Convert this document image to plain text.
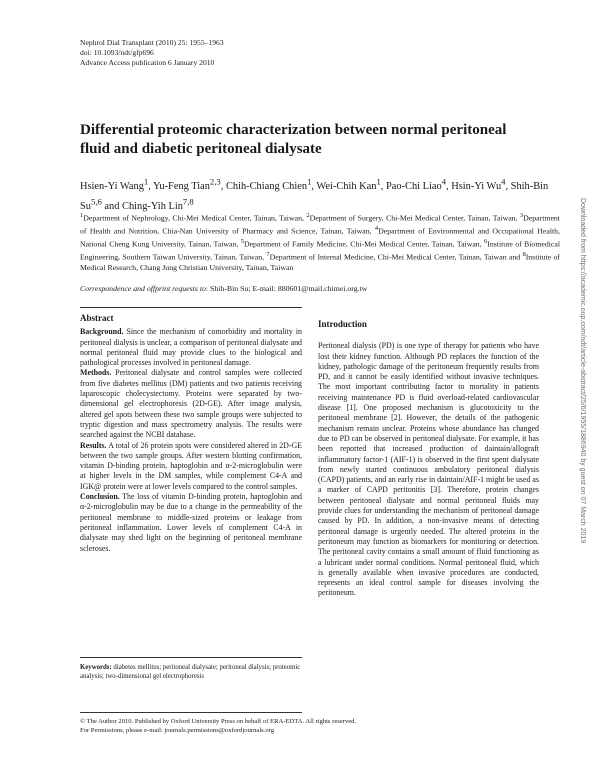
Nephrol Dial Transplant (2010) 25: 1955–1963
doi: 10.1093/ndt/gfp696
Advance Access publication 6 January 2010
Differential proteomic characterization between normal peritoneal fluid and diabetic peritoneal dialysate
Hsien-Yi Wang$^1$, Yu-Feng Tian$^{2,3}$, Chih-Chiang Chien$^1$, Wei-Chih Kan$^1$, Pao-Chi Liao$^4$, Hsin-Yi Wu$^4$, Shih-Bin Su$^{5,6}$ and Ching-Yih Lin$^{7,8}$
$^1$Department of Nephrology, Chi-Mei Medical Center, Tainan, Taiwan, $^2$Department of Surgery, Chi-Mei Medical Center, Tainan, Taiwan, $^3$Department of Health and Nutrition, Chia-Nan University of Pharmacy and Science, Tainan, Taiwan, $^4$Department of Environmental and Occupational Health, National Cheng Kung University, Tainan, Taiwan, $^5$Department of Family Medicine, Chi-Mei Medical Center, Tainan, Taiwan, $^6$Institute of Biomedical Engineering, Southern Taiwan University, Tainan, Taiwan, $^7$Department of Internal Medicine, Chi-Mei Medical Center, Tainan, Taiwan and $^8$Institute of Medical Research, Chang Jung Christian University, Tainan, Taiwan
Correspondence and offprint requests to: Shih-Bin Su; E-mail: 880601@mail.chimei.org.tw

Abstract

Background. Since the mechanism of comorbidity and mortality in peritoneal dialysis is unclear, a comparison of peritoneal dialysate and normal peritoneal fluid may provide clues to the biological and pathological processes involved in peritoneal damage.

Methods. Peritoneal dialysate and control samples were collected from five diabetes mellitus (DM) patients and two patients receiving laparoscopic cholecystectomy. Proteins were separated by two-dimensional gel electrophoresis (2D-GE). After image analysis, altered gel spots between these two sample groups were subjected to tryptic digestion and mass spectrometry analysis. The results were searched against the NCBI database.

Results. A total of 26 protein spots were considered altered in 2D-GE between the two sample groups. After western blotting confirmation, vitamin D-binding protein, haptoglobin and α-2-microglobulin were at higher levels in the DM samples, while complement C4-A and IGK@ protein were at lower levels compared to the control samples.

Conclusion. The loss of vitamin D-binding protein, haptoglobin and α-2-microglobulin may be due to a change in the permeability of the peritoneal membrane to middle-sized proteins or leakage from peritoneal inflammation. Lower levels of complement C4-A in dialysate may shed light on the beginning of peritoneal membrane scleroses.

Keywords: diabetes mellitus; peritoneal dialysate; peritoneal dialysis; proteomic analysis; two-dimensional gel electrophoresis

Introduction

Peritoneal dialysis (PD) is one type of therapy for patients who have lost their kidney function. Although PD replaces the function of the kidney, pathologic damage of the peritoneum frequently results from PD, and it cannot be easily identified without invasive techniques. The most important contributing factor to mortality in patients receiving maintenance PD is fluid overload-related cardiovascular disease [1]. One proposed mechanism is glucotoxicity to the peritoneal membrane [2]. However, the details of the pathogenic mechanism remain unclear. Proteins whose abundance has changed due to PD can be observed in peritoneal dialysate. For example, it has been reported that increased production of daintain/allograft inflammatory factor-1 (AIF-1) is observed in the first spent dialysate from newly started continuous ambulatory peritoneal dialysis (CAPD) patients, and an early rise in daintain/AIF-1 might be used as a marker of CAPD peritonitis [3]. Therefore, protein changes between peritoneal dialysate and normal peritoneal fluids may provide clues for understanding the mechanism of peritoneal damage caused by PD. In addition, a non-invasive means of detecting peritoneal damage is urgently needed. The altered proteins in the peritoneum may function as biomarkers for monitoring or detection. The peritoneal cavity contains a small amount of fluid functioning as a lubricant under normal conditions. Normal peritoneal fluid, which is generally available when invasive procedures are conducted, represents an ideal control sample for diseases involving the peritoneum.

© The Author 2010. Published by Oxford University Press on behalf of ERA-EDTA. All rights reserved.
For Permissions, please e-mail: journals.permissions@oxfordjournals.org
Downloaded from https://academic.oup.com/ndt/article-abstract/25/6/1955/1886940 by guest on 07 March 2019
